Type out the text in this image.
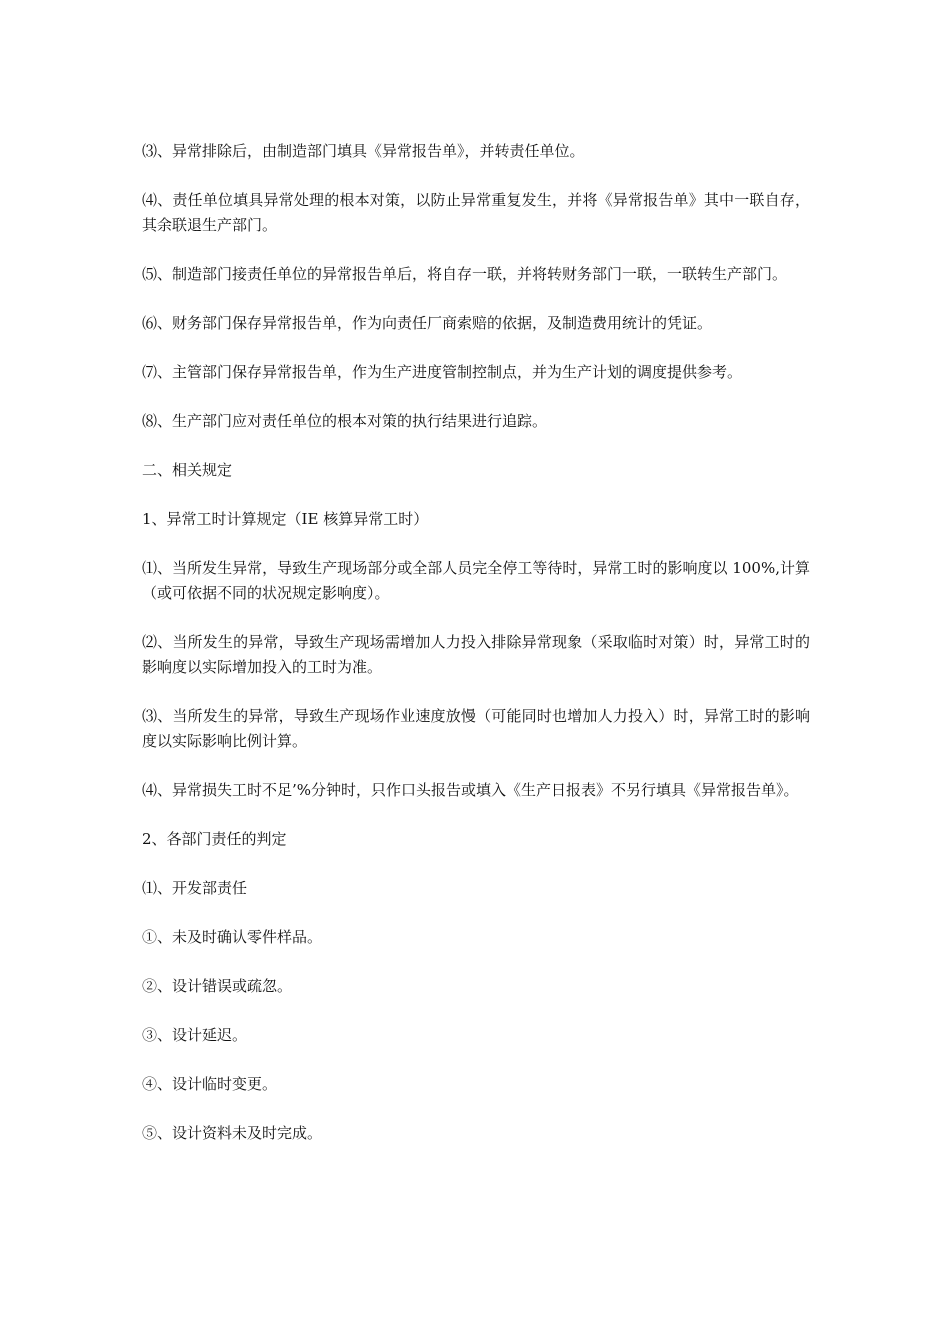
⑶、异常排除后，由制造部门填具《异常报告单》，并转责任单位。

⑷、责任单位填具异常处理的根本对策，以防止异常重复发生，并将《异常报告单》其中一联自存，其余联退生产部门。

⑸、制造部门接责任单位的异常报告单后，将自存一联，并将转财务部门一联，一联转生产部门。

⑹、财务部门保存异常报告单，作为向责任厂商索赔的依据，及制造费用统计的凭证。

⑺、主管部门保存异常报告单，作为生产进度管制控制点，并为生产计划的调度提供参考。

⑻、生产部门应对责任单位的根本对策的执行结果进行追踪。

二、相关规定

1、异常工时计算规定（IE 核算异常工时）

⑴、当所发生异常，导致生产现场部分或全部人员完全停工等待时，异常工时的影响度以 100%,计算（或可依据不同的状况规定影响度）。

⑵、当所发生的异常，导致生产现场需增加人力投入排除异常现象（采取临时对策）时，异常工时的影响度以实际增加投入的工时为准。

⑶、当所发生的异常，导致生产现场作业速度放慢（可能同时也增加人力投入）时，异常工时的影响度以实际影响比例计算。

⑷、异常损失工时不足’%分钟时，只作口头报告或填入《生产日报表》不另行填具《异常报告单》。

2、各部门责任的判定

⑴、开发部责任

①、未及时确认零件样品。

②、设计错误或疏忽。

③、设计延迟。

④、设计临时变更。

⑤、设计资料未及时完成。
